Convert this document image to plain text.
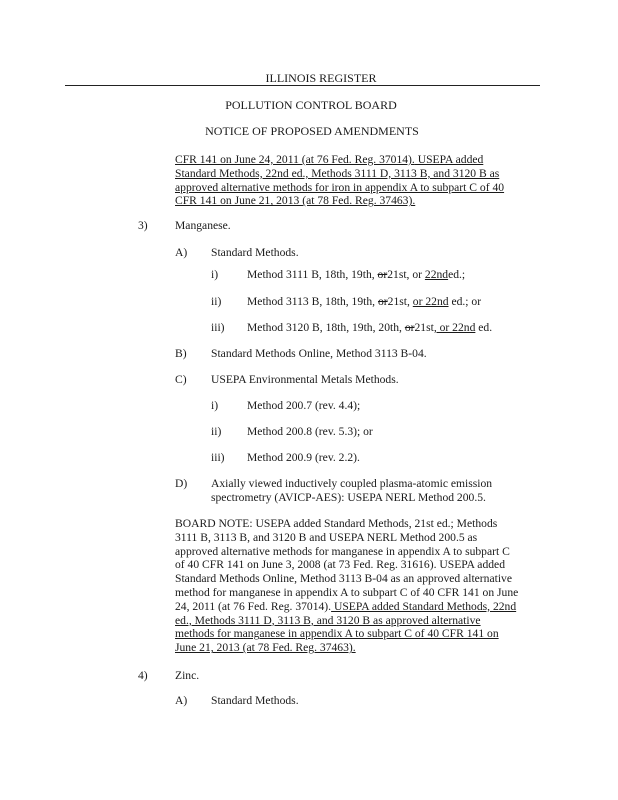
ILLINOIS REGISTER
POLLUTION CONTROL BOARD
NOTICE OF PROPOSED AMENDMENTS

CFR 141 on June 24, 2011 (at 76 Fed. Reg. 37014). USEPA added Standard Methods, 22nd ed., Methods 3111 D, 3113 B, and 3120 B as approved alternative methods for iron in appendix A to subpart C of 40 CFR 141 on June 21, 2013 (at 78 Fed. Reg. 37463).

3) Manganese.
A) Standard Methods.
i) Method 3111 B, 18th, 19th, or21st, or 22nded.;
ii) Method 3113 B, 18th, 19th, or21st, or 22nd ed.; or
iii) Method 3120 B, 18th, 19th, 20th, or21st, or 22nd ed.
B) Standard Methods Online, Method 3113 B-04.
C) USEPA Environmental Metals Methods.
i) Method 200.7 (rev. 4.4);
ii) Method 200.8 (rev. 5.3); or
iii) Method 200.9 (rev. 2.2).
D) Axially viewed inductively coupled plasma-atomic emission
spectrometry (AVICP-AES): USEPA NERL Method 200.5.

BOARD NOTE: USEPA added Standard Methods, 21st ed.; Methods 3111 B, 3113 B, and 3120 B and USEPA NERL Method 200.5 as approved alternative methods for manganese in appendix A to subpart C of 40 CFR 141 on June 3, 2008 (at 73 Fed. Reg. 31616). USEPA added Standard Methods Online, Method 3113 B-04 as an approved alternative method for manganese in appendix A to subpart C of 40 CFR 141 on June 24, 2011 (at 76 Fed. Reg. 37014). USEPA added Standard Methods, 22nd ed., Methods 3111 D, 3113 B, and 3120 B as approved alternative methods for manganese in appendix A to subpart C of 40 CFR 141 on June 21, 2013 (at 78 Fed. Reg. 37463).

4) Zinc.
A) Standard Methods.
